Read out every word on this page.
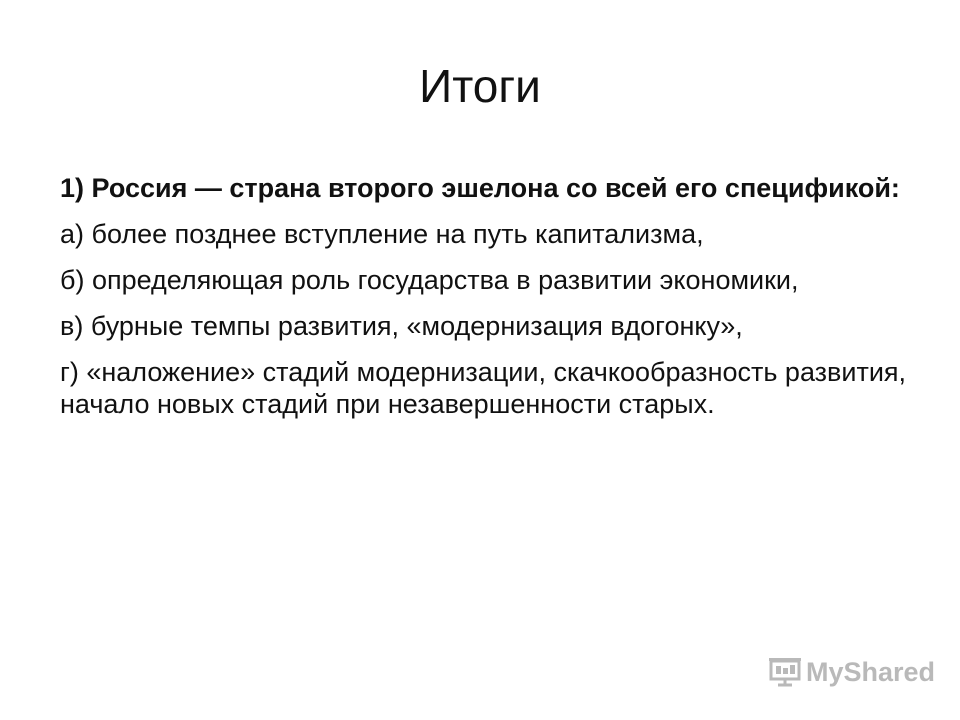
Итоги

1) Россия — страна второго эшелона со всей его спецификой:

а) более позднее вступление на путь капитализма,

б) определяющая роль государства в развитии экономики,

в) бурные темпы развития, «модернизация вдогонку»,

г) «наложение» стадий модернизации, скачкообразность развития, начало новых стадий при незавершенности старых.

MyShared
